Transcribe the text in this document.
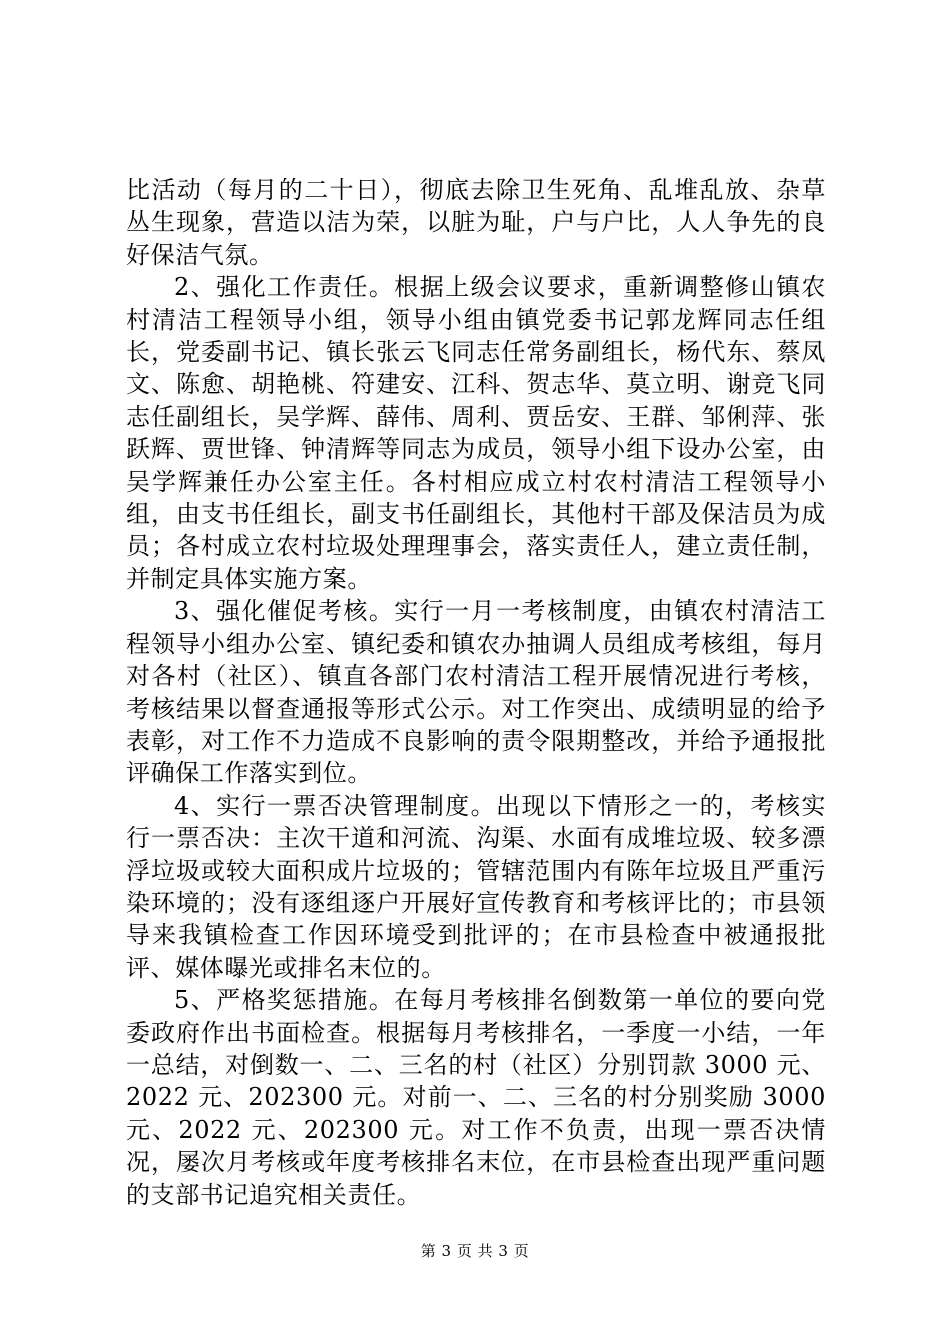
比活动（每月的二十日），彻底去除卫生死角、乱堆乱放、杂草丛生现象，营造以洁为荣，以脏为耻，户与户比，人人争先的良好保洁气氛。

2、强化工作责任。根据上级会议要求，重新调整修山镇农村清洁工程领导小组，领导小组由镇党委书记郭龙辉同志任组长，党委副书记、镇长张云飞同志任常务副组长，杨代东、蔡凤文、陈愈、胡艳桃、符建安、江科、贺志华、莫立明、谢竞飞同志任副组长，吴学辉、薛伟、周利、贾岳安、王群、邹俐萍、张跃辉、贾世锋、钟清辉等同志为成员，领导小组下设办公室，由吴学辉兼任办公室主任。各村相应成立村农村清洁工程领导小组，由支书任组长，副支书任副组长，其他村干部及保洁员为成员；各村成立农村垃圾处理理事会，落实责任人，建立责任制，并制定具体实施方案。

3、强化催促考核。实行一月一考核制度，由镇农村清洁工程领导小组办公室、镇纪委和镇农办抽调人员组成考核组，每月对各村（社区）、镇直各部门农村清洁工程开展情况进行考核，考核结果以督查通报等形式公示。对工作突出、成绩明显的给予表彰，对工作不力造成不良影响的责令限期整改，并给予通报批评确保工作落实到位。

4、实行一票否决管理制度。出现以下情形之一的，考核实行一票否决：主次干道和河流、沟渠、水面有成堆垃圾、较多漂浮垃圾或较大面积成片垃圾的；管辖范围内有陈年垃圾且严重污染环境的；没有逐组逐户开展好宣传教育和考核评比的；市县领导来我镇检查工作因环境受到批评的；在市县检查中被通报批评、媒体曝光或排名末位的。

5、严格奖惩措施。在每月考核排名倒数第一单位的要向党委政府作出书面检查。根据每月考核排名，一季度一小结，一年一总结，对倒数一、二、三名的村（社区）分别罚款 3000 元、2022 元、202300 元。对前一、二、三名的村分别奖励 3000 元、2022 元、202300 元。对工作不负责，出现一票否决情况，屡次月考核或年度考核排名末位，在市县检查出现严重问题的支部书记追究相关责任。

第 3 页 共 3 页
